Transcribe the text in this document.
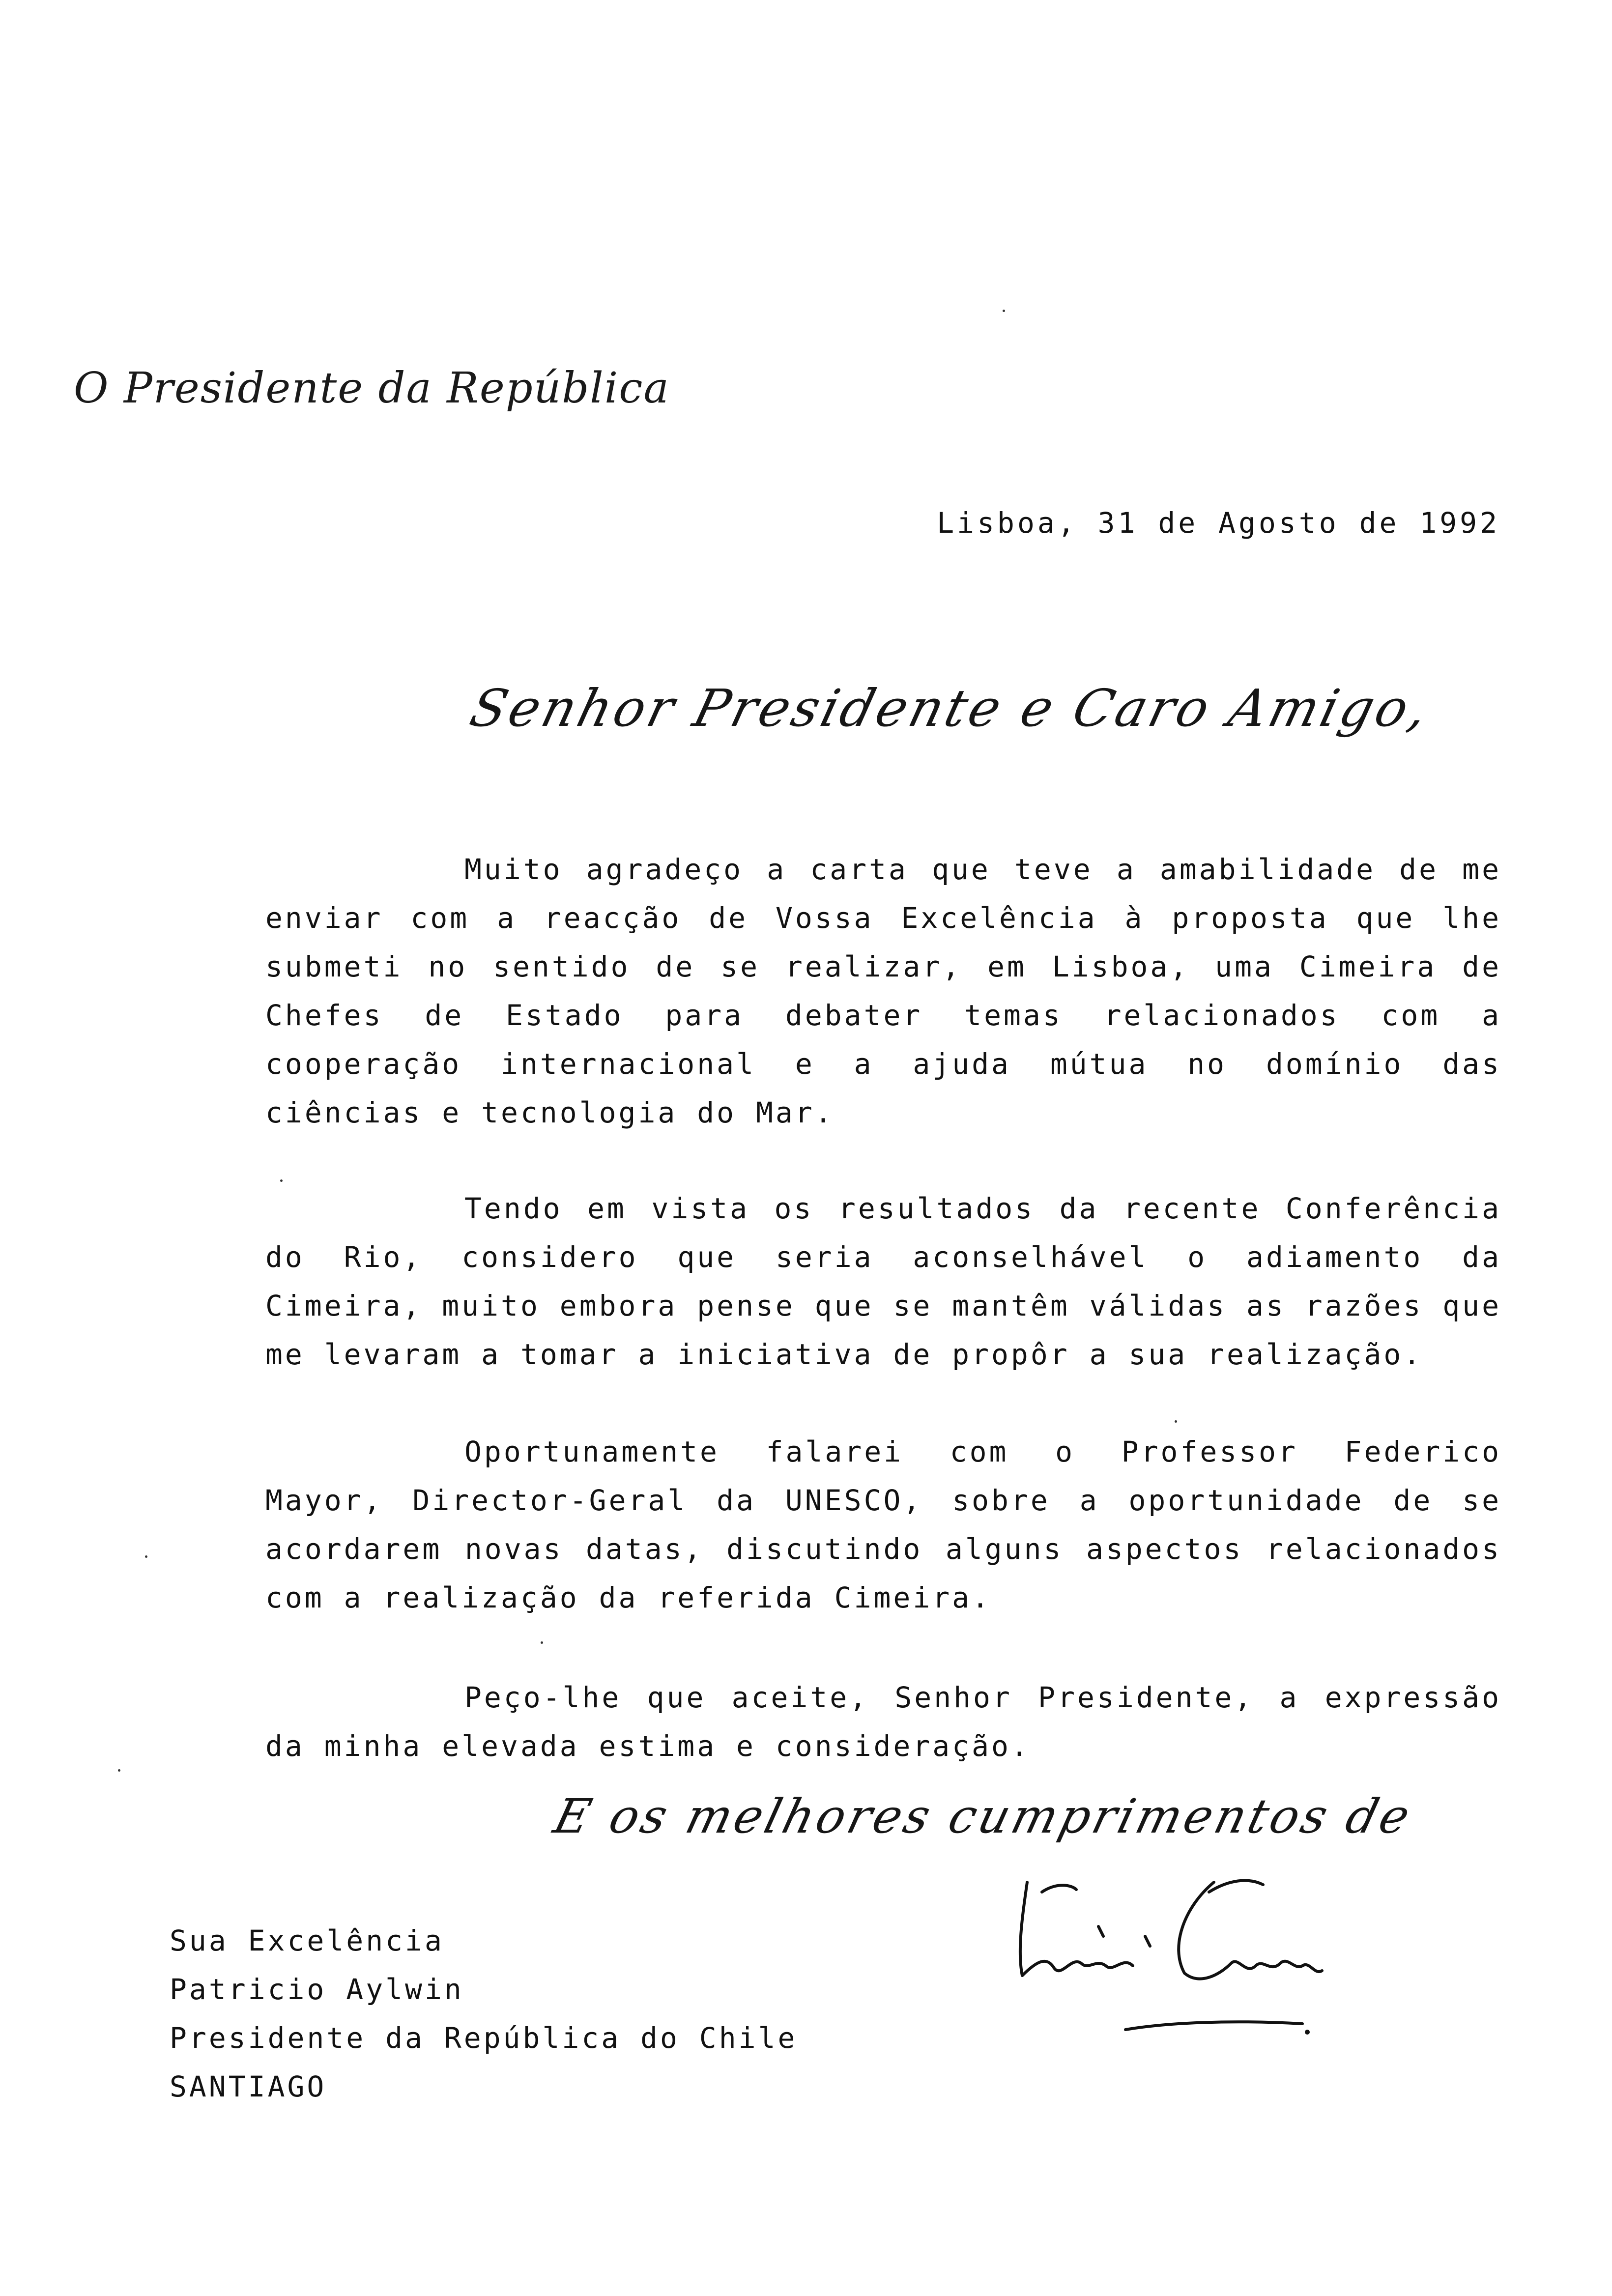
O Presidente da República
Lisboa, 31 de Agosto de 1992
Senhor Presidente e Caro Amigo,

Muito agradeço a carta que teve a amabilidade de me enviar com a reacção de Vossa Excelência à proposta que lhe submeti no sentido de se realizar, em Lisboa, uma Cimeira de Chefes de Estado para debater temas relacionados com a cooperação internacional e a ajuda mútua no domínio das ciências e tecnologia do Mar.

Tendo em vista os resultados da recente Conferência do Rio, considero que seria aconselhável o adiamento da Cimeira, muito embora pense que se mantêm válidas as razões que me levaram a tomar a iniciativa de propôr a sua realização.

Oportunamente falarei com o Professor Federico Mayor, Director-Geral da UNESCO, sobre a oportunidade de se acordarem novas datas, discutindo alguns aspectos relacionados com a realização da referida Cimeira.

Peço-lhe que aceite, Senhor Presidente, a expressão da minha elevada estima e consideração.

E os melhores cumprimentos de
Sua Excelência
Patricio Aylwin
Presidente da República do Chile
SANTIAGO
